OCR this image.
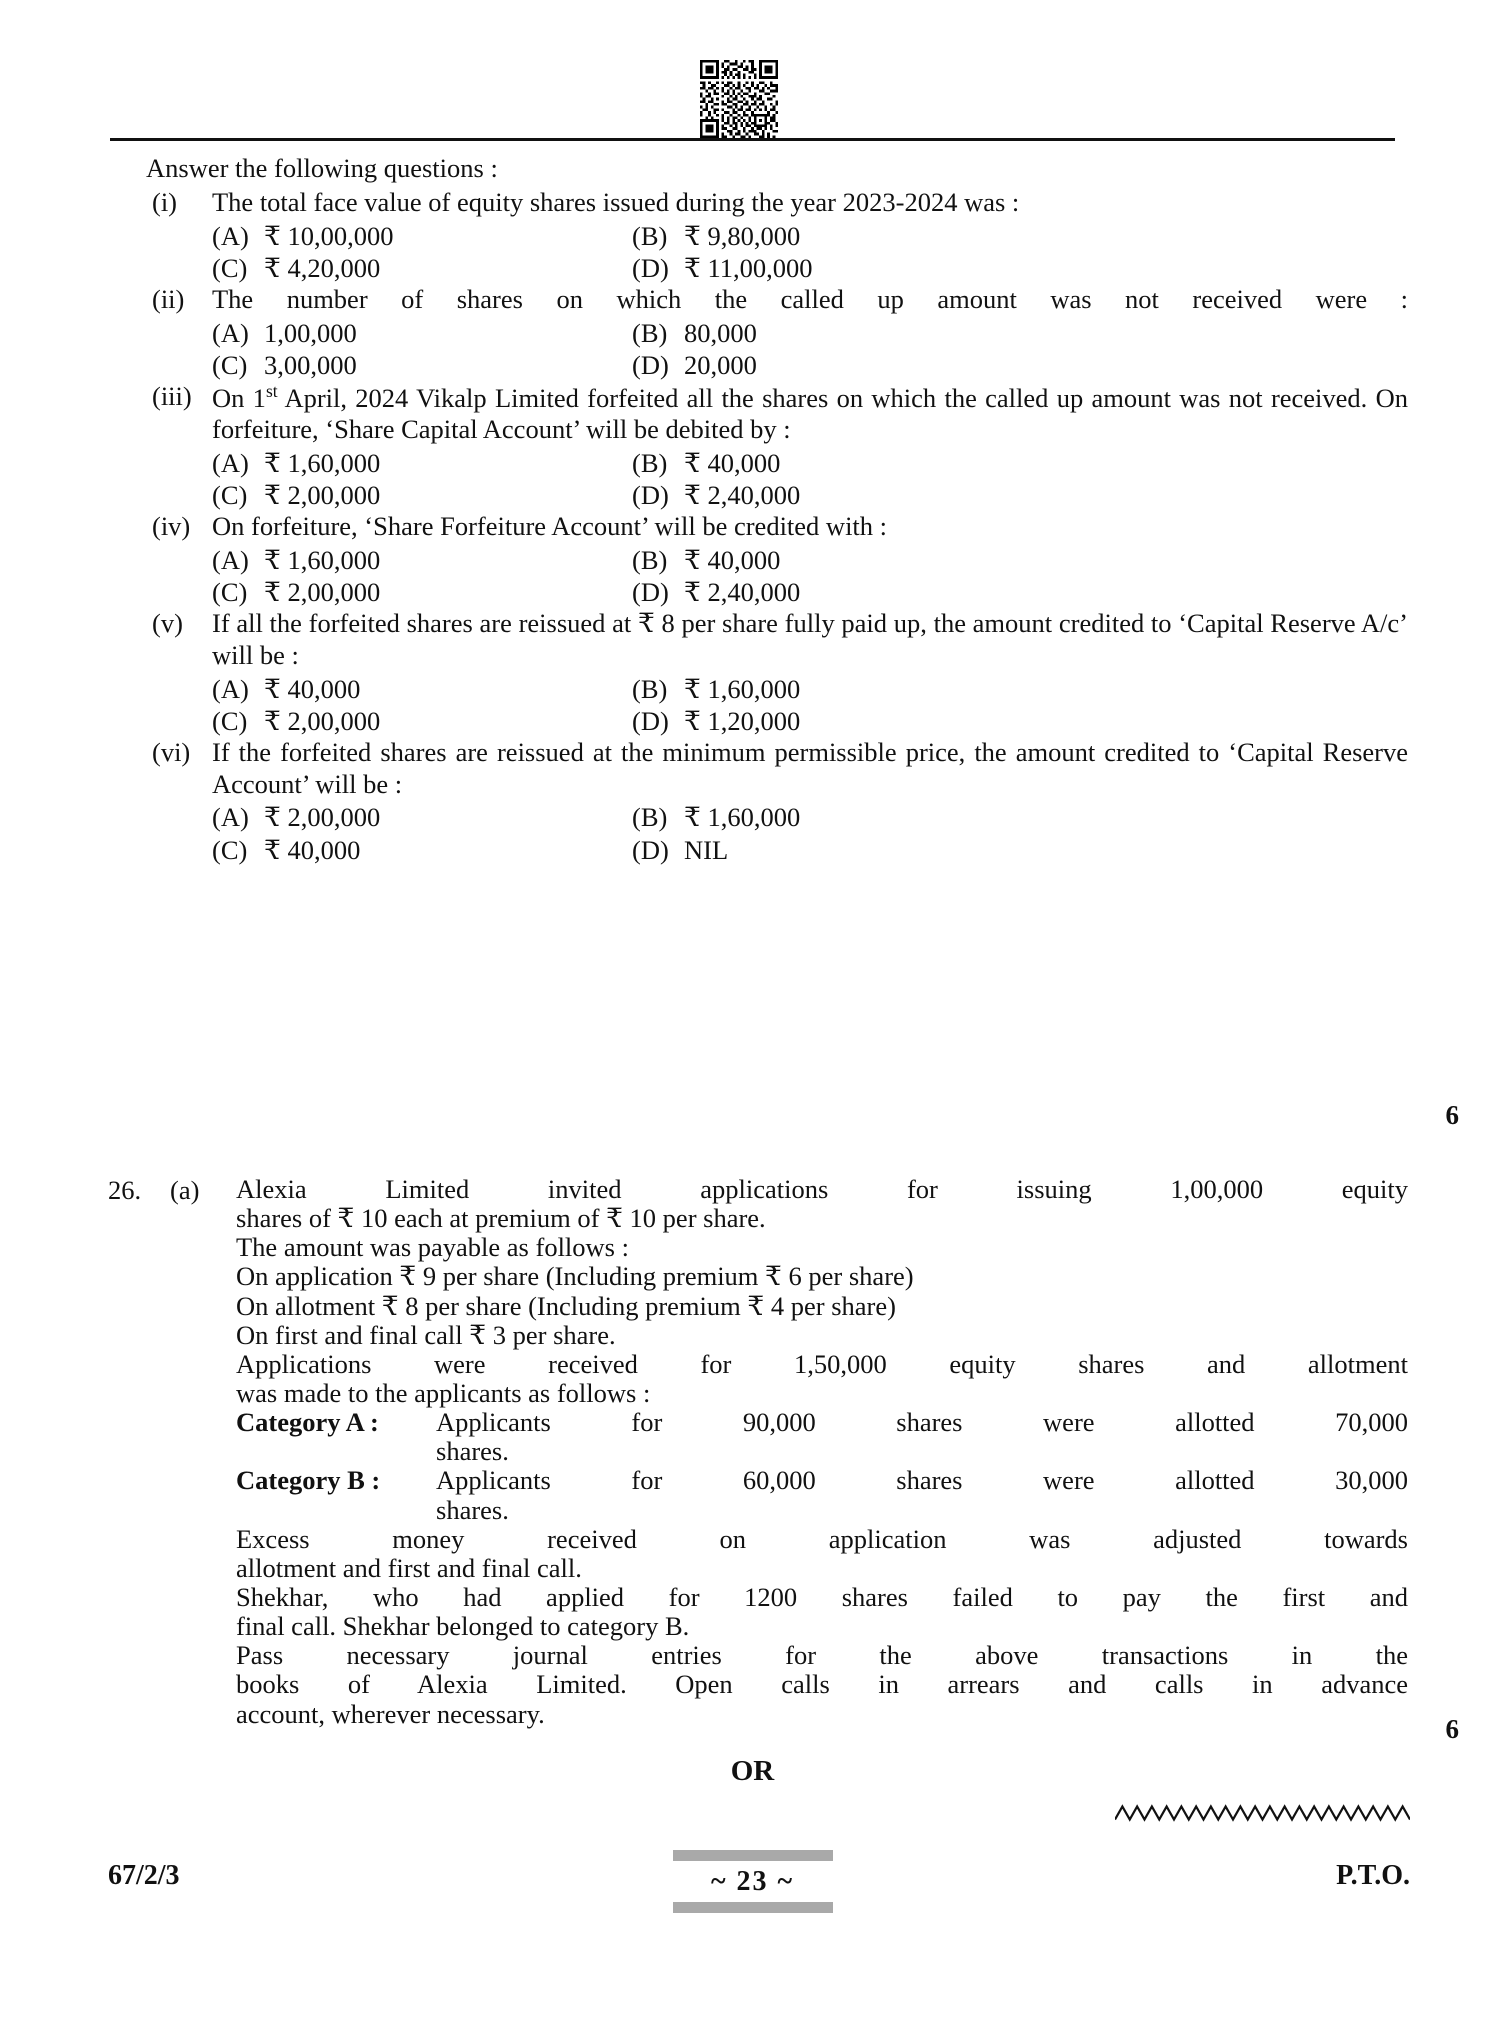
Answer the following questions :
(i)	The total face value of equity shares issued during the year 2023-2024 was :
(A) ₹ 10,00,000	(B) ₹ 9,80,000
(C) ₹ 4,20,000	(D) ₹ 11,00,000
(ii)	The number of shares on which the called up amount was not received were :
(A) 1,00,000	(B) 80,000
(C) 3,00,000	(D) 20,000
(iii) On 1st April, 2024 Vikalp Limited forfeited all the shares on which the called up amount was not received. On forfeiture, ‘Share Capital Account’ will be debited by :
(A) ₹ 1,60,000	(B) ₹ 40,000
(C) ₹ 2,00,000	(D) ₹ 2,40,000
(iv) On forfeiture, ‘Share Forfeiture Account’ will be credited with :
(A) ₹ 1,60,000	(B) ₹ 40,000
(C) ₹ 2,00,000	(D) ₹ 2,40,000
(v)	If all the forfeited shares are reissued at ₹ 8 per share fully paid up, the amount credited to ‘Capital Reserve A/c’ will be :
(A) ₹ 40,000	(B) ₹ 1,60,000
(C) ₹ 2,00,000	(D) ₹ 1,20,000
(vi) If the forfeited shares are reissued at the minimum permissible price, the amount credited to ‘Capital Reserve Account’ will be :
(A) ₹ 2,00,000	(B) ₹ 1,60,000
(C) ₹ 40,000	(D) NIL
6
26.	(a)	Alexia Limited invited applications for issuing 1,00,000 equity
shares of ₹ 10 each at premium of ₹ 10 per share.
The amount was payable as follows :
On application ₹ 9 per share (Including premium ₹ 6 per share)
On allotment ₹ 8 per share (Including premium ₹ 4 per share)
On first and final call ₹ 3 per share.
Applications were received for 1,50,000 equity shares and allotment
was made to the applicants as follows :
Category A :	Applicants for 90,000 shares were allotted 70,000
shares.
Category B :	Applicants for 60,000 shares were allotted 30,000
shares.
Excess money received on application was adjusted towards
allotment and first and final call.
Shekhar, who had applied for 1200 shares failed to pay the first and
final call. Shekhar belonged to category B.
Pass necessary journal entries for the above transactions in the
books of Alexia Limited. Open calls in arrears and calls in advance
account, wherever necessary.
6
OR
67/2/3	~ 23 ~	P.T.O.
